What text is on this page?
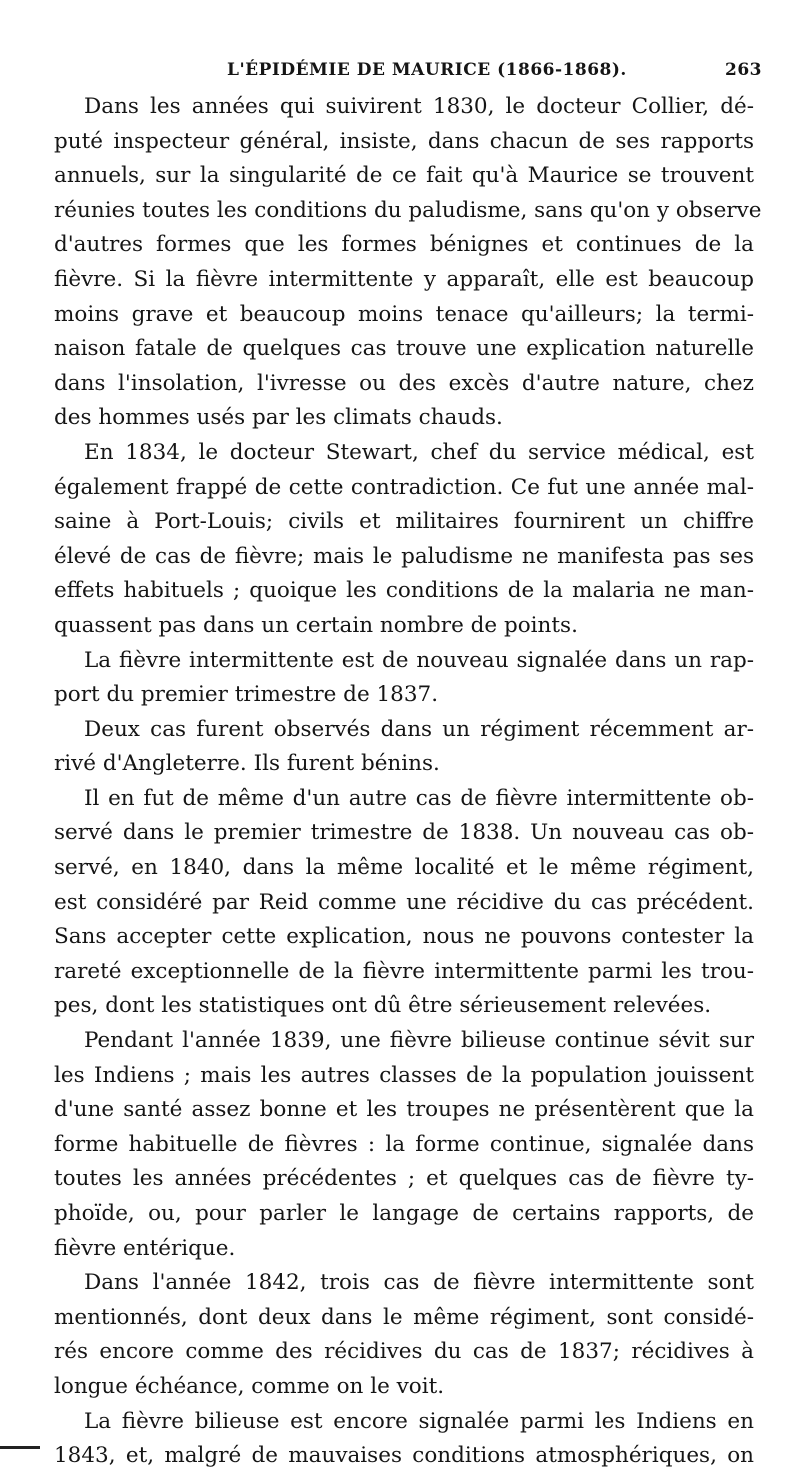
L'ÉPIDÉMIE DE MAURICE (1866-1868).	263

Dans les années qui suivirent 1830, le docteur Collier, dé-
puté inspecteur général, insiste, dans chacun de ses rapports
annuels, sur la singularité de ce fait qu'à Maurice se trouvent
réunies toutes les conditions du paludisme, sans qu'on y observe
d'autres formes que les formes bénignes et continues de la
fièvre. Si la fièvre intermittente y apparaît, elle est beaucoup
moins grave et beaucoup moins tenace qu'ailleurs; la termi-
naison fatale de quelques cas trouve une explication naturelle
dans l'insolation, l'ivresse ou des excès d'autre nature, chez
des hommes usés par les climats chauds.

En 1834, le docteur Stewart, chef du service médical, est
également frappé de cette contradiction. Ce fut une année mal-
saine à Port-Louis; civils et militaires fournirent un chiffre
élevé de cas de fièvre; mais le paludisme ne manifesta pas ses
effets habituels ; quoique les conditions de la malaria ne man-
quassent pas dans un certain nombre de points.

La fièvre intermittente est de nouveau signalée dans un rap-
port du premier trimestre de 1837.

Deux cas furent observés dans un régiment récemment ar-
rivé d'Angleterre. Ils furent bénins.

Il en fut de même d'un autre cas de fièvre intermittente ob-
servé dans le premier trimestre de 1838. Un nouveau cas ob-
servé, en 1840, dans la même localité et le même régiment,
est considéré par Reid comme une récidive du cas précédent.
Sans accepter cette explication, nous ne pouvons contester la
rareté exceptionnelle de la fièvre intermittente parmi les trou-
pes, dont les statistiques ont dû être sérieusement relevées.

Pendant l'année 1839, une fièvre bilieuse continue sévit sur
les Indiens ; mais les autres classes de la population jouissent
d'une santé assez bonne et les troupes ne présentèrent que la
forme habituelle de fièvres : la forme continue, signalée dans
toutes les années précédentes ; et quelques cas de fièvre ty-
phoïde, ou, pour parler le langage de certains rapports, de
fièvre entérique.

Dans l'année 1842, trois cas de fièvre intermittente sont
mentionnés, dont deux dans le même régiment, sont considé-
rés encore comme des récidives du cas de 1837; récidives à
longue échéance, comme on le voit.

La fièvre bilieuse est encore signalée parmi les Indiens en
1843, et, malgré de mauvaises conditions atmosphériques, on
